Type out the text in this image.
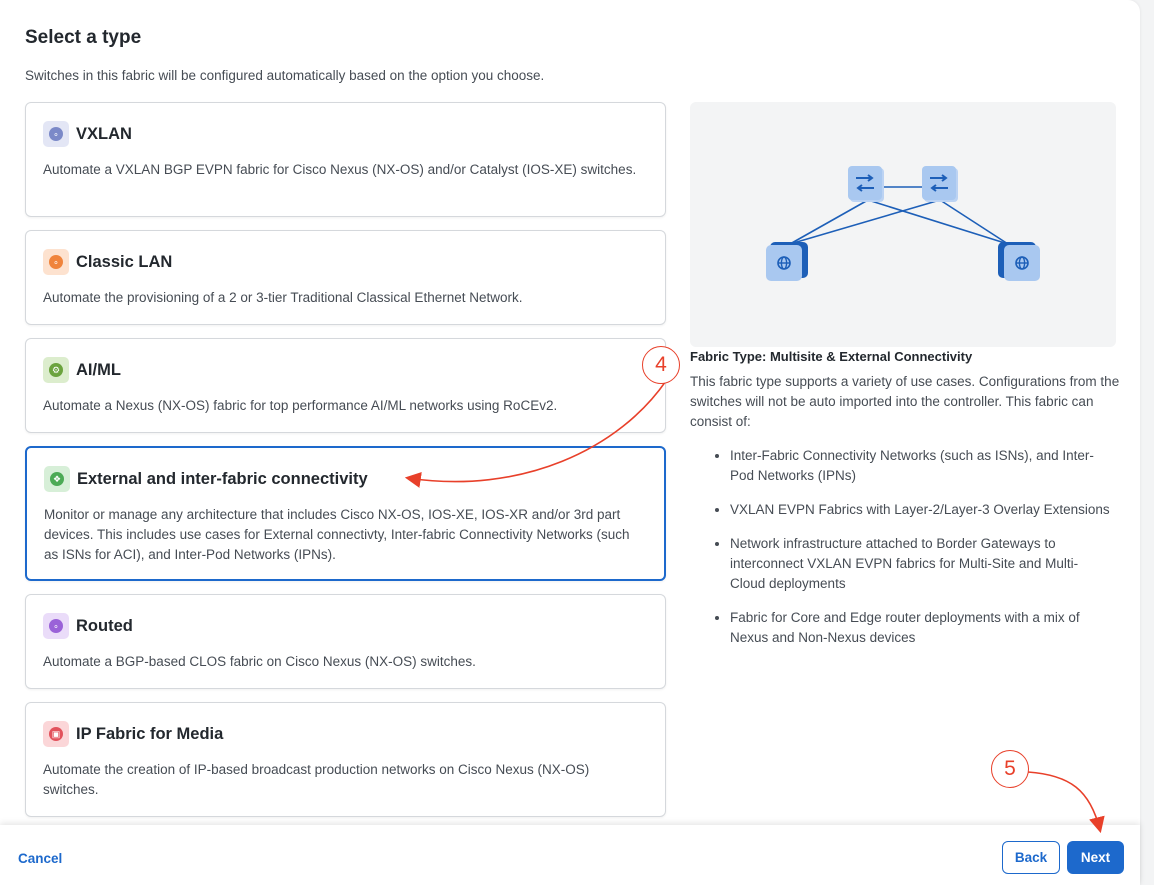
Select a type
Switches in this fabric will be configured automatically based on the option you choose.
∘ VXLAN
Automate a VXLAN BGP EVPN fabric for Cisco Nexus (NX-OS) and/or Catalyst (IOS-XE) switches.
∘ Classic LAN
Automate the provisioning of a 2 or 3-tier Traditional Classical Ethernet Network.
⚙ AI/ML
Automate a Nexus (NX-OS) fabric for top performance AI/ML networks using RoCEv2.
❖ External and inter-fabric connectivity
Monitor or manage any architecture that includes Cisco NX-OS, IOS-XE, IOS-XR and/or 3rd part devices. This includes use cases for External connectivty, Inter-fabric Connectivity Networks (such as ISNs for ACI), and Inter-Pod Networks (IPNs).
∘ Routed
Automate a BGP-based CLOS fabric on Cisco Nexus (NX-OS) switches.
▣ IP Fabric for Media
Automate the creation of IP-based broadcast production networks on Cisco Nexus (NX-OS) switches.
Fabric Type: Multisite & External Connectivity
This fabric type supports a variety of use cases. Configurations from the switches will not be auto imported into the controller. This fabric can consist of:
Inter-Fabric Connectivity Networks (such as ISNs), and Inter-Pod Networks (IPNs)
VXLAN EVPN Fabrics with Layer-2/Layer-3 Overlay Extensions
Network infrastructure attached to Border Gateways to interconnect VXLAN EVPN fabrics for Multi-Site and Multi-Cloud deployments
Fabric for Core and Edge router deployments with a mix of Nexus and Non-Nexus devices
Cancel	Back	Next
4
5
